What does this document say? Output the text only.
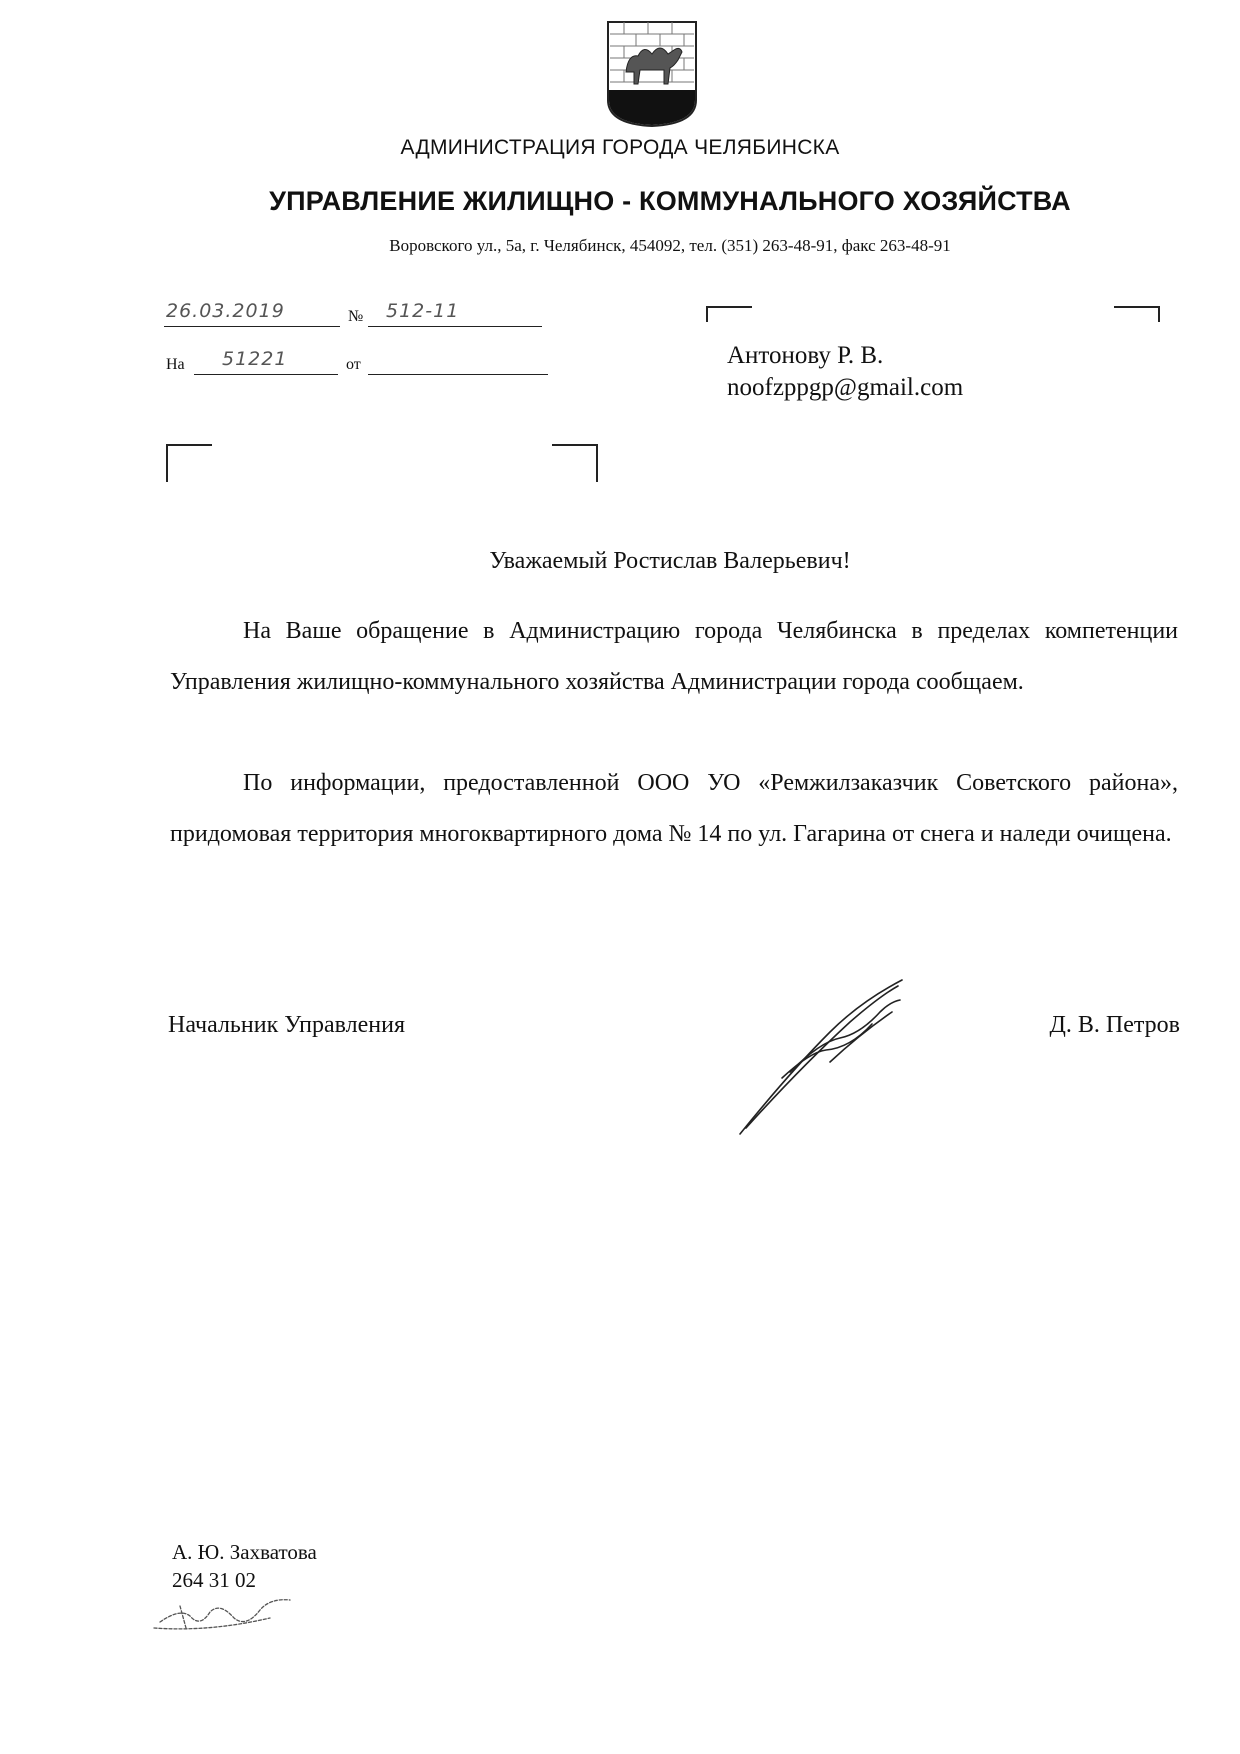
АДМИНИСТРАЦИЯ ГОРОДА ЧЕЛЯБИНСКА
УПРАВЛЕНИЕ ЖИЛИЩНО - КОММУНАЛЬНОГО ХОЗЯЙСТВА
Воровского ул., 5а, г. Челябинск, 454092, тел. (351) 263-48-91, факс 263-48-91
26.03.2019	№ 512-11
На 51221	от	Антонову Р. В.
noofzppgp@gmail.com
Уважаемый Ростислав Валерьевич!
На Ваше обращение в Администрацию города Челябинска в пределах компетенции Управления жилищно-коммунального хозяйства Администрации города сообщаем.
По информации, предоставленной ООО УО «Ремжилзаказчик Советского района», придомовая территория многоквартирного дома № 14 по ул. Гагарина от снега и наледи очищена.
Начальник Управления	Д. В. Петров
А. Ю. Захватова
264 31 02
